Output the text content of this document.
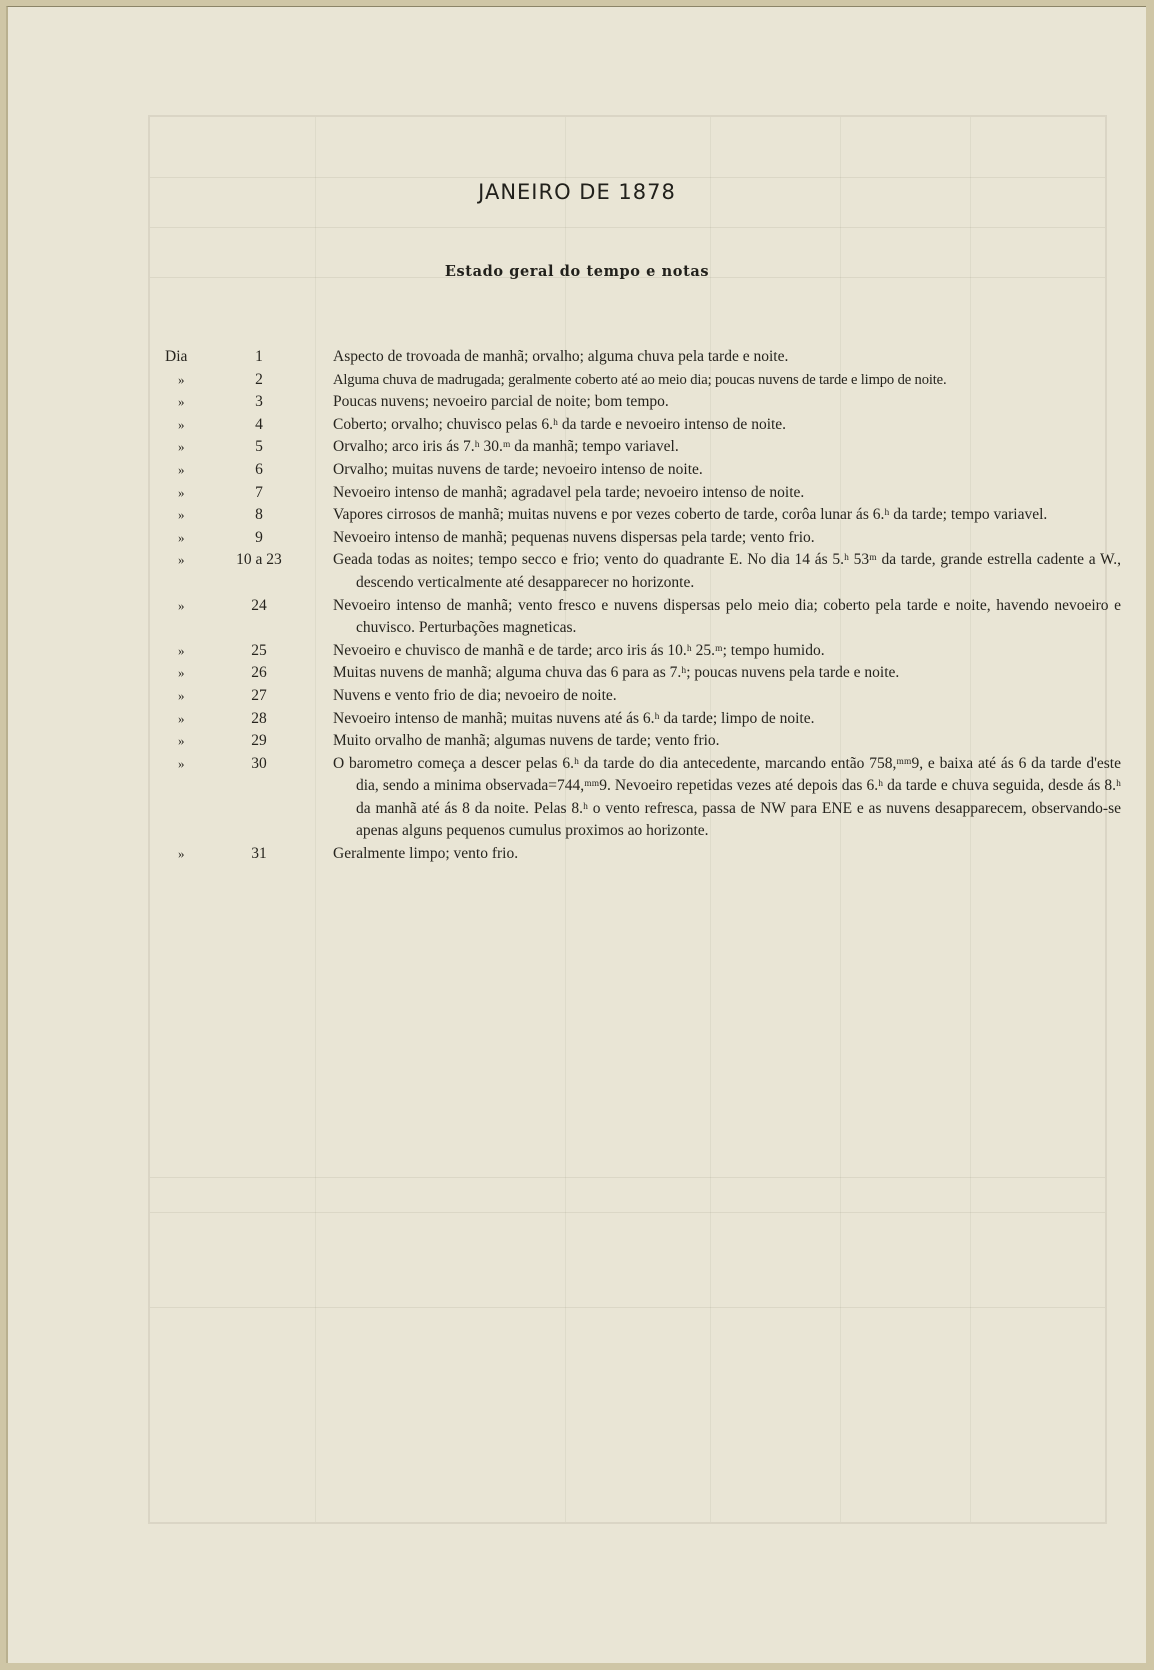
JANEIRO DE 1878
Estado geral do tempo e notas
Dia	1	Aspecto de trovoada de manhã; orvalho; alguma chuva pela tarde e noite.
»	2	Alguma chuva de madrugada; geralmente coberto até ao meio dia; poucas nuvens de tarde e limpo de noite.
»	3	Poucas nuvens; nevoeiro parcial de noite; bom tempo.
»	4	Coberto; orvalho; chuvisco pelas 6.ʰ da tarde e nevoeiro intenso de noite.
»	5	Orvalho; arco iris ás 7.ʰ 30.ᵐ da manhã; tempo variavel.
»	6	Orvalho; muitas nuvens de tarde; nevoeiro intenso de noite.
»	7	Nevoeiro intenso de manhã; agradavel pela tarde; nevoeiro intenso de noite.
»	8	Vapores cirrosos de manhã; muitas nuvens e por vezes coberto de tarde, corôa lunar ás 6.ʰ da tarde; tempo variavel.
»	9	Nevoeiro intenso de manhã; pequenas nuvens dispersas pela tarde; vento frio.
»	10 a 23	Geada todas as noites; tempo secco e frio; vento do quadrante E. No dia 14 ás 5.ʰ 53ᵐ da tarde, grande estrella cadente a W., descendo verticalmente até desapparecer no horizonte.
»	24	Nevoeiro intenso de manhã; vento fresco e nuvens dispersas pelo meio dia; coberto pela tarde e noite, havendo nevoeiro e chuvisco. Perturbações magneticas.
»	25	Nevoeiro e chuvisco de manhã e de tarde; arco iris ás 10.ʰ 25.ᵐ; tempo humido.
»	26	Muitas nuvens de manhã; alguma chuva das 6 para as 7.ʰ; poucas nuvens pela tarde e noite.
»	27	Nuvens e vento frio de dia; nevoeiro de noite.
»	28	Nevoeiro intenso de manhã; muitas nuvens até ás 6.ʰ da tarde; limpo de noite.
»	29	Muito orvalho de manhã; algumas nuvens de tarde; vento frio.
»	30	O barometro começa a descer pelas 6.ʰ da tarde do dia antecedente, marcando então 758,ᵐᵐ9, e baixa até ás 6 da tarde d'este dia, sendo a minima observada=744,ᵐᵐ9. Nevoeiro repetidas vezes até depois das 6.ʰ da tarde e chuva seguida, desde ás 8.ʰ da manhã até ás 8 da noite. Pelas 8.ʰ o vento refresca, passa de NW para ENE e as nuvens desapparecem, observando-se apenas alguns pequenos cumulus proximos ao horizonte.
»	31	Geralmente limpo; vento frio.
